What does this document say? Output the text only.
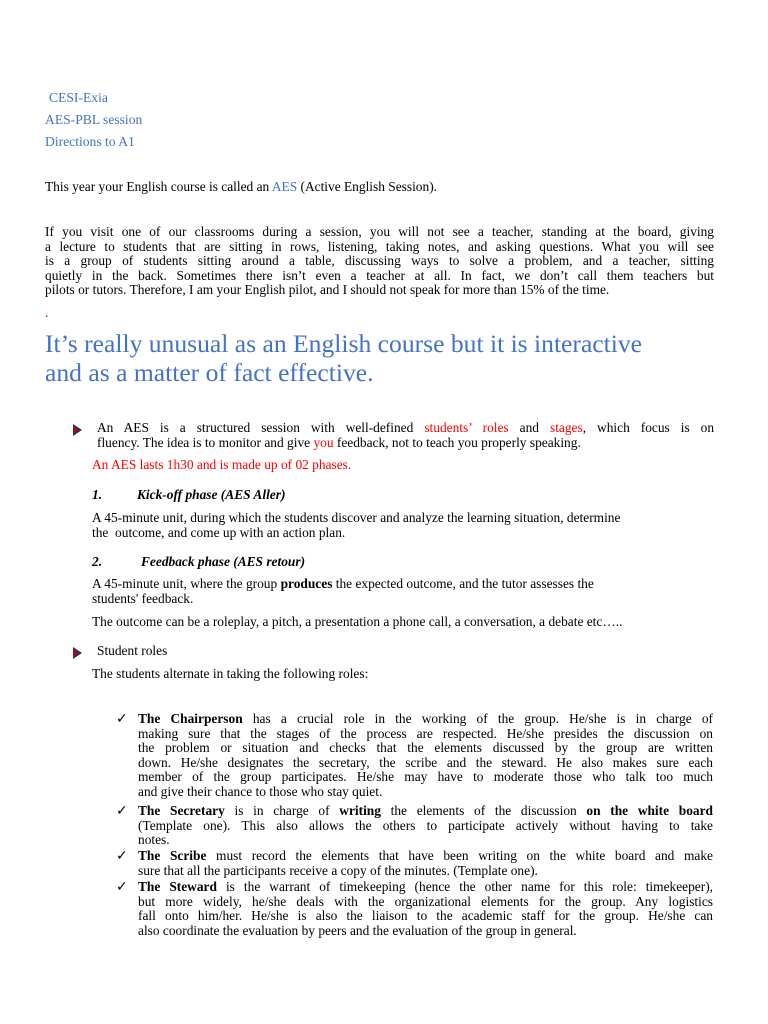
CESI-Exia
AES-PBL session
Directions to A1
This year your English course is called an AES (Active English Session).
If you visit one of our classrooms during a session, you will not see a teacher, standing at the board, giving
a lecture to students that are sitting in rows, listening, taking notes, and asking questions. What you will see
is a group of students sitting around a table, discussing ways to solve a problem, and a teacher, sitting
quietly in the back. Sometimes there isn’t even a teacher at all. In fact, we don’t call them teachers but
pilots or tutors. Therefore, I am your English pilot, and I should not speak for more than 15% of the time.
.
It’s really unusual as an English course but it is interactive
and as a matter of fact effective.
An AES is a structured session with well-defined students’ roles and stages, which focus is on
fluency. The idea is to monitor and give you feedback, not to teach you properly speaking.
An AES lasts 1h30 and is made up of 02 phases.
1.	Kick-off phase (AES Aller)
A 45-minute unit, during which the students discover and analyze the learning situation, determine
the  outcome, and come up with an action plan.
2.	Feedback phase (AES retour)
A 45-minute unit, where the group produces the expected outcome, and the tutor assesses the
students' feedback.
The outcome can be a roleplay, a pitch, a presentation a phone call, a conversation, a debate etc…..
Student roles
The students alternate in taking the following roles:
✓ The Chairperson has a crucial role in the working of the group. He/she is in charge of
making sure that the stages of the process are respected. He/she presides the discussion on
the problem or situation and checks that the elements discussed by the group are written
down. He/she designates the secretary, the scribe and the steward. He also makes sure each
member of the group participates. He/she may have to moderate those who talk too much
and give their chance to those who stay quiet.
✓ The Secretary is in charge of writing the elements of the discussion on the white board
(Template one). This also allows the others to participate actively without having to take
notes.
✓ The Scribe must record the elements that have been writing on the white board and make
sure that all the participants receive a copy of the minutes. (Template one).
✓ The Steward is the warrant of timekeeping (hence the other name for this role: timekeeper),
but more widely, he/she deals with the organizational elements for the group. Any logistics
fall onto him/her. He/she is also the liaison to the academic staff for the group. He/she can
also coordinate the evaluation by peers and the evaluation of the group in general.
